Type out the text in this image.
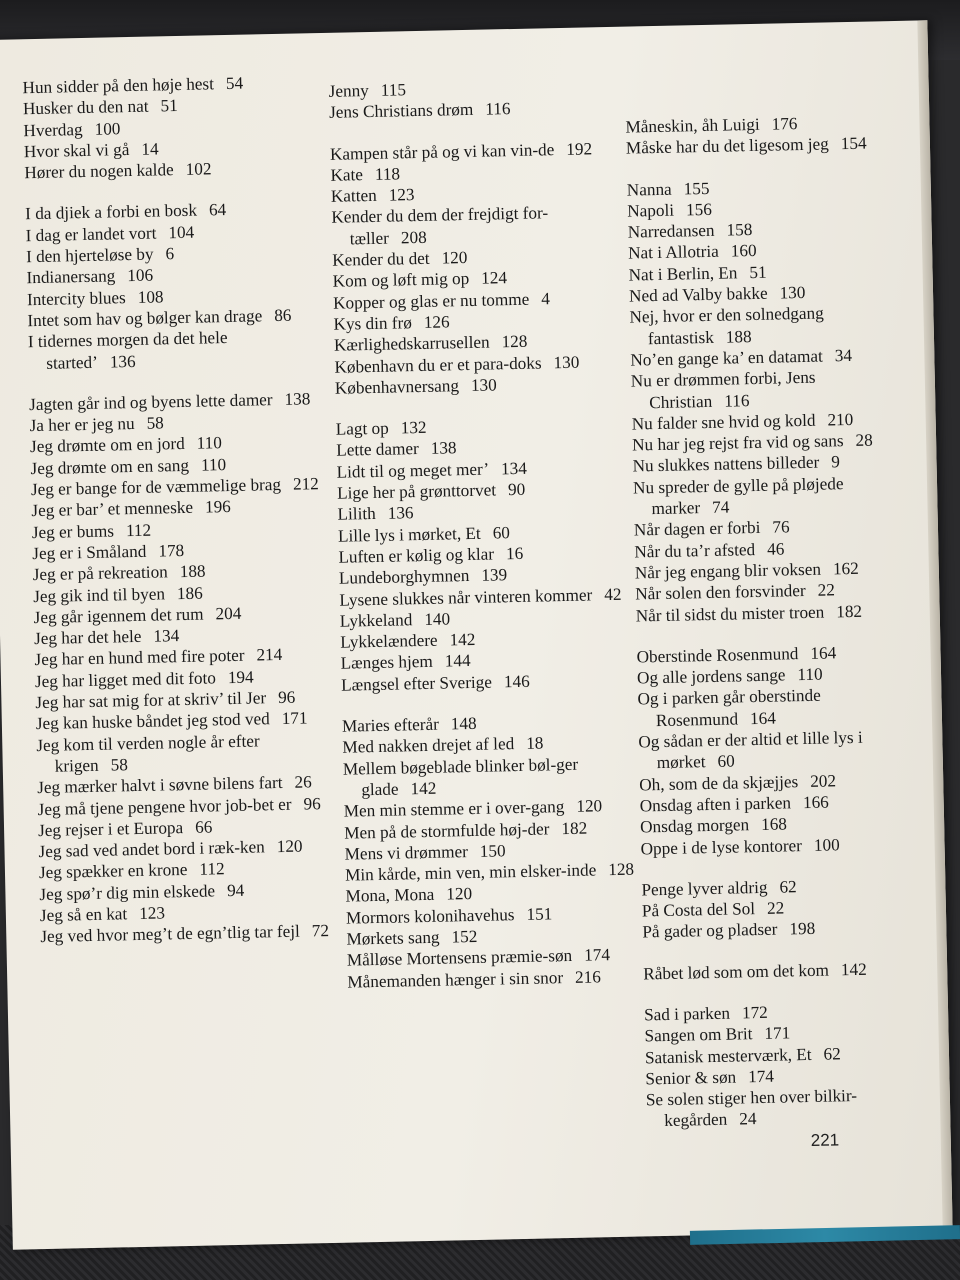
Hun sidder på den høje hest 54

Husker du den nat 51

Hverdag 100

Hvor skal vi gå 14

Hører du nogen kalde 102

I da djiek a forbi en bosk 64

I dag er landet vort 104

I den hjerteløse by 6

Indianersang 106

Intercity blues 108

Intet som hav og bølger kan drage 86

I tidernes morgen da det hele started’ 136

Jagten går ind og byens lette damer 138

Ja her er jeg nu 58

Jeg drømte om en jord 110

Jeg drømte om en sang 110

Jeg er bange for de væmmelige brag 212

Jeg er bar’ et menneske 196

Jeg er bums 112

Jeg er i Småland 178

Jeg er på rekreation 188

Jeg gik ind til byen 186

Jeg går igennem det rum 204

Jeg har det hele 134

Jeg har en hund med fire poter 214

Jeg har ligget med dit foto 194

Jeg har sat mig for at skriv’ til Jer 96

Jeg kan huske båndet jeg stod ved 171

Jeg kom til verden nogle år efter krigen 58

Jeg mærker halvt i søvne bilens fart 26

Jeg må tjene pengene hvor job-bet er 96

Jeg rejser i et Europa 66

Jeg sad ved andet bord i ræk-ken 120

Jeg spækker en krone 112

Jeg spø’r dig min elskede 94

Jeg så en kat 123

Jeg ved hvor meg’t de egn’tlig tar fejl 72

Jenny 115

Jens Christians drøm 116

Kampen står på og vi kan vin-de 192

Kate 118

Katten 123

Kender du dem der frejdigt for-tæller 208

Kender du det 120

Kom og løft mig op 124

Kopper og glas er nu tomme 4

Kys din frø 126

Kærlighedskarrusellen 128

København du er et para-doks 130

Københavnersang 130

Lagt op 132

Lette damer 138

Lidt til og meget mer’ 134

Lige her på grønttorvet 90

Lilith 136

Lille lys i mørket, Et 60

Luften er kølig og klar 16

Lundeborghymnen 139

Lysene slukkes når vinteren kommer 42

Lykkeland 140

Lykkelændere 142

Længes hjem 144

Længsel efter Sverige 146

Maries efterår 148

Med nakken drejet af led 18

Mellem bøgeblade blinker bøl-ger glade 142

Men min stemme er i over-gang 120

Men på de stormfulde høj-der 182

Mens vi drømmer 150

Min kårde, min ven, min elsker-inde 128

Mona, Mona 120

Mormors kolonihavehus 151

Mørkets sang 152

Målløse Mortensens præmie-søn 174

Månemanden hænger i sin snor 216

Måneskin, åh Luigi 176

Måske har du det ligesom jeg 154

Nanna 155

Napoli 156

Narredansen 158

Nat i Allotria 160

Nat i Berlin, En 51

Ned ad Valby bakke 130

Nej, hvor er den solnedgang fantastisk 188

No’en gange ka’ en datamat 34

Nu er drømmen forbi, Jens Christian 116

Nu falder sne hvid og kold 210

Nu har jeg rejst fra vid og sans 28

Nu slukkes nattens billeder 9

Nu spreder de gylle på pløjede marker 74

Når dagen er forbi 76

Når du ta’r afsted 46

Når jeg engang blir voksen 162

Når solen den forsvinder 22

Når til sidst du mister troen 182

Oberstinde Rosenmund 164

Og alle jordens sange 110

Og i parken går oberstinde Rosenmund 164

Og sådan er der altid et lille lys i mørket 60

Oh, som de da skjæjjes 202

Onsdag aften i parken 166

Onsdag morgen 168

Oppe i de lyse kontorer 100

Penge lyver aldrig 62

På Costa del Sol 22

På gader og pladser 198

Råbet lød som om det kom 142

Sad i parken 172

Sangen om Brit 171

Satanisk mesterværk, Et 62

Senior & søn 174

Se solen stiger hen over bilkir-kegården 24

221
